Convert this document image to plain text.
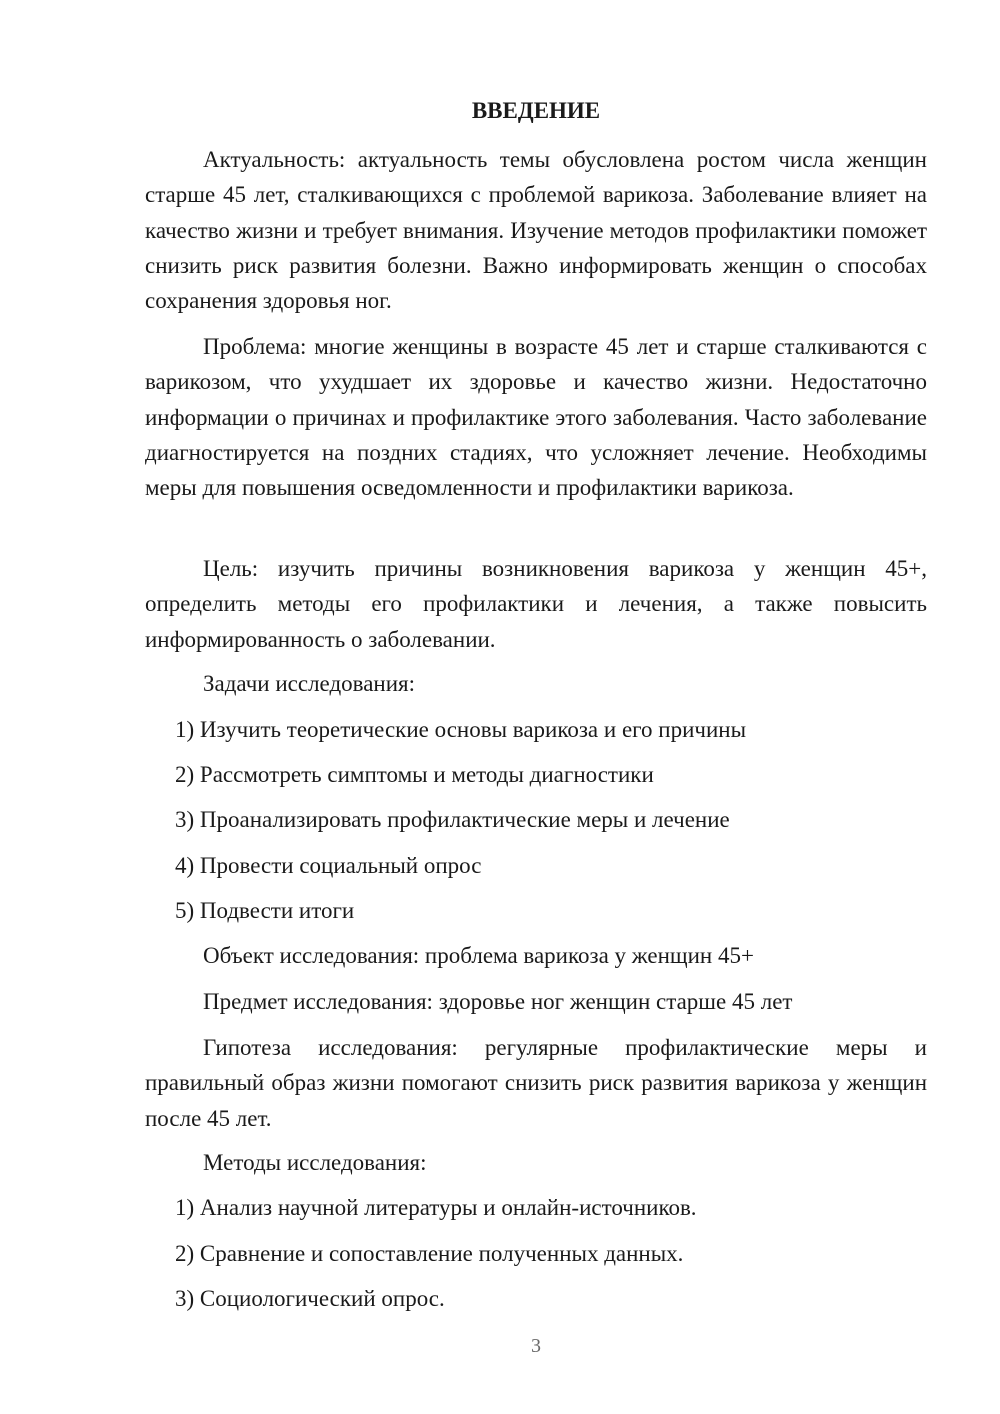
ВВЕДЕНИЕ

Актуальность: актуальность темы обусловлена ростом числа женщин старше 45 лет, сталкивающихся с проблемой варикоза. Заболевание влияет на качество жизни и требует внимания. Изучение методов профилактики поможет снизить риск развития болезни. Важно информировать женщин о способах сохранения здоровья ног.

Проблема: многие женщины в возрасте 45 лет и старше сталкиваются с варикозом, что ухудшает их здоровье и качество жизни. Недостаточно информации о причинах и профилактике этого заболевания. Часто заболевание диагностируется на поздних стадиях, что усложняет лечение. Необходимы меры для повышения осведомленности и профилактики варикоза.

Цель: изучить причины возникновения варикоза у женщин 45+, определить методы его профилактики и лечения, а также повысить информированность о заболевании.

Задачи исследования:

1) Изучить теоретические основы варикоза и его причины

2) Рассмотреть симптомы и методы диагностики

3) Проанализировать профилактические меры и лечение

4) Провести социальный опрос

5) Подвести итоги

Объект исследования: проблема варикоза у женщин 45+

Предмет исследования: здоровье ног женщин старше 45 лет

Гипотеза исследования: регулярные профилактические меры и правильный образ жизни помогают снизить риск развития варикоза у женщин после 45 лет.

Методы исследования:

1) Анализ научной литературы и онлайн-источников.

2) Сравнение и сопоставление полученных данных.

3) Социологический опрос.

3
